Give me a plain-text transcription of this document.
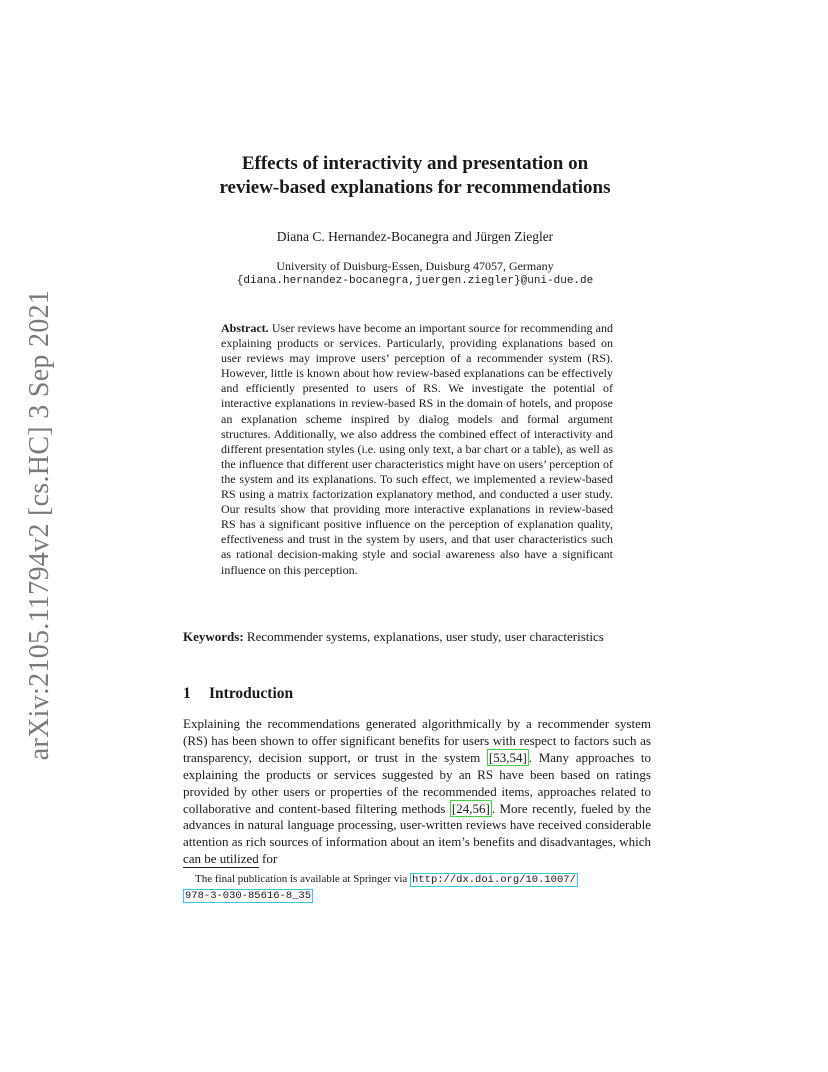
arXiv:2105.11794v2 [cs.HC] 3 Sep 2021
Effects of interactivity and presentation on
review-based explanations for recommendations
Diana C. Hernandez-Bocanegra and Jürgen Ziegler
University of Duisburg-Essen, Duisburg 47057, Germany
{diana.hernandez-bocanegra,juergen.ziegler}@uni-due.de
Abstract. User reviews have become an important source for recommending and explaining products or services. Particularly, providing explanations based on user reviews may improve users’ perception of a recommender system (RS). However, little is known about how review-based explanations can be effectively and efficiently presented to users of RS. We investigate the potential of interactive explanations in review-based RS in the domain of hotels, and propose an explanation scheme inspired by dialog models and formal argument structures. Additionally, we also address the combined effect of interactivity and different presentation styles (i.e. using only text, a bar chart or a table), as well as the influence that different user characteristics might have on users’ perception of the system and its explanations. To such effect, we implemented a review-based RS using a matrix factorization explanatory method, and conducted a user study. Our results show that providing more interactive explanations in review-based RS has a significant positive influence on the perception of explanation quality, effectiveness and trust in the system by users, and that user characteristics such as rational decision-making style and social awareness also have a significant influence on this perception.
Keywords: Recommender systems, explanations, user study, user characteristics
1 Introduction
Explaining the recommendations generated algorithmically by a recommender system (RS) has been shown to offer significant benefits for users with respect to factors such as transparency, decision support, or trust in the system [53,54] . Many approaches to explaining the products or services suggested by an RS have been based on ratings provided by other users or properties of the recommended items, approaches related to collaborative and content-based filtering methods [24,56] . More recently, fueled by the advances in natural language processing, user-written reviews have received considerable attention as rich sources of information about an item’s benefits and disadvantages, which can be utilized for
The final publication is available at Springer via http://dx.doi.org/10.1007/
978-3-030-85616-8_35
